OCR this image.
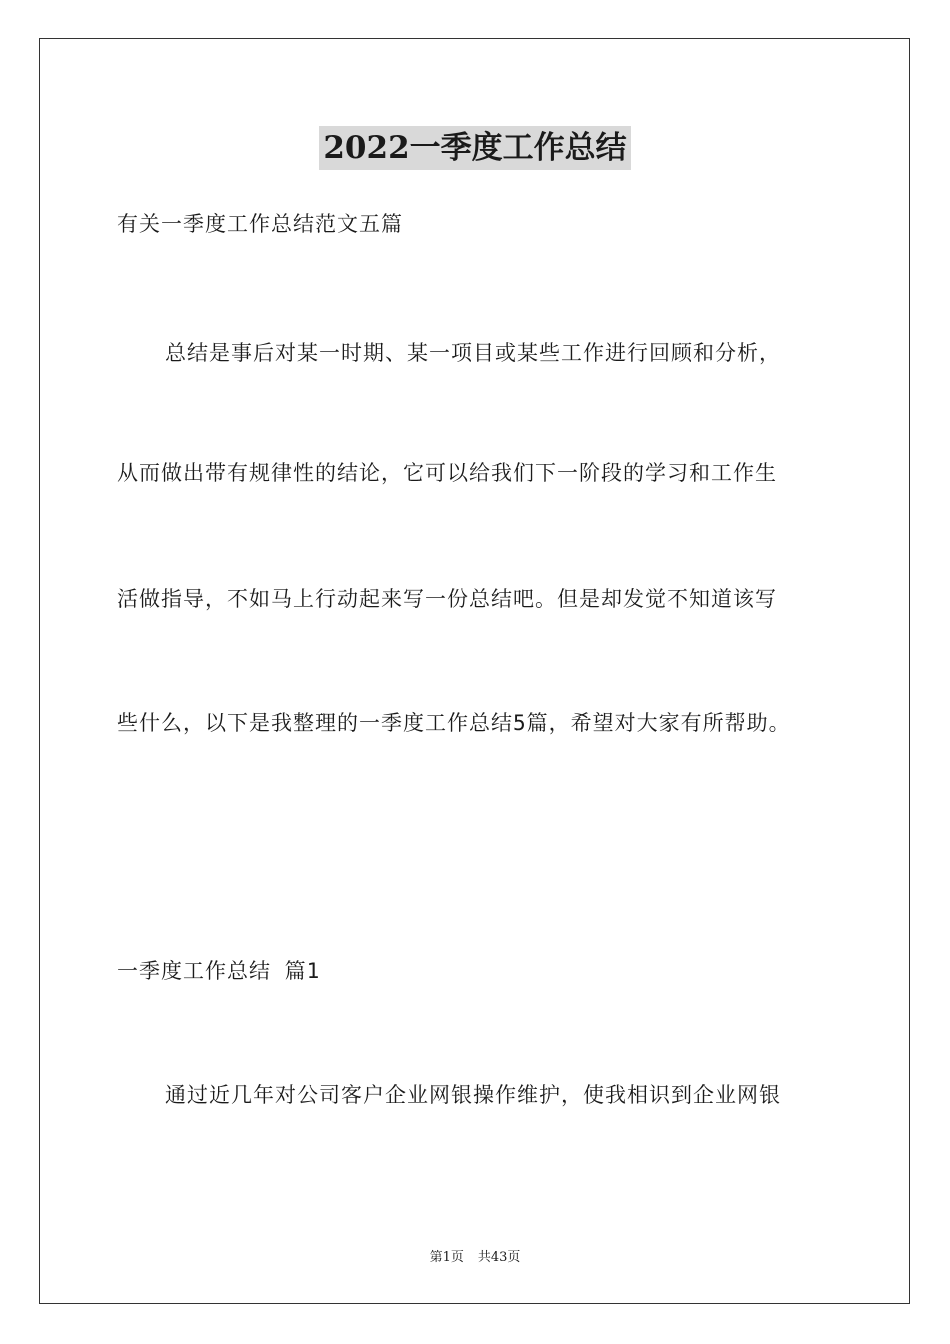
2022一季度工作总结
有关一季度工作总结范文五篇
总结是事后对某一时期、某一项目或某些工作进行回顾和分析，
从而做出带有规律性的结论，它可以给我们下一阶段的学习和工作生
活做指导，不如马上行动起来写一份总结吧。但是却发觉不知道该写
些什么，以下是我整理的一季度工作总结5篇，希望对大家有所帮助。
一季度工作总结 篇1
通过近几年对公司客户企业网银操作维护，使我相识到企业网银
第1页 共43页
